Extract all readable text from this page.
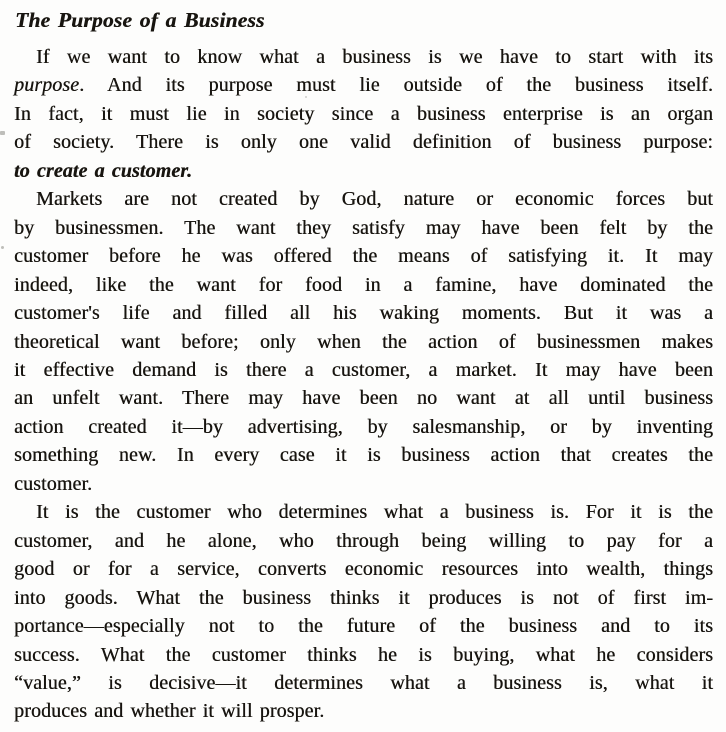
The Purpose of a Business
If we want to know what a business is we have to start with its
purpose. And its purpose must lie outside of the business itself.
In fact, it must lie in society since a business enterprise is an organ
of society. There is only one valid definition of business purpose:
to create a customer.
Markets are not created by God, nature or economic forces but
by businessmen. The want they satisfy may have been felt by the
customer before he was offered the means of satisfying it. It may
indeed, like the want for food in a famine, have dominated the
customer's life and filled all his waking moments. But it was a
theoretical want before; only when the action of businessmen makes
it effective demand is there a customer, a market. It may have been
an unfelt want. There may have been no want at all until business
action created it—by advertising, by salesmanship, or by inventing
something new. In every case it is business action that creates the
customer.
It is the customer who determines what a business is. For it is the
customer, and he alone, who through being willing to pay for a
good or for a service, converts economic resources into wealth, things
into goods. What the business thinks it produces is not of first im-
portance—especially not to the future of the business and to its
success. What the customer thinks he is buying, what he considers
“value,” is decisive—it determines what a business is, what it
produces and whether it will prosper.
